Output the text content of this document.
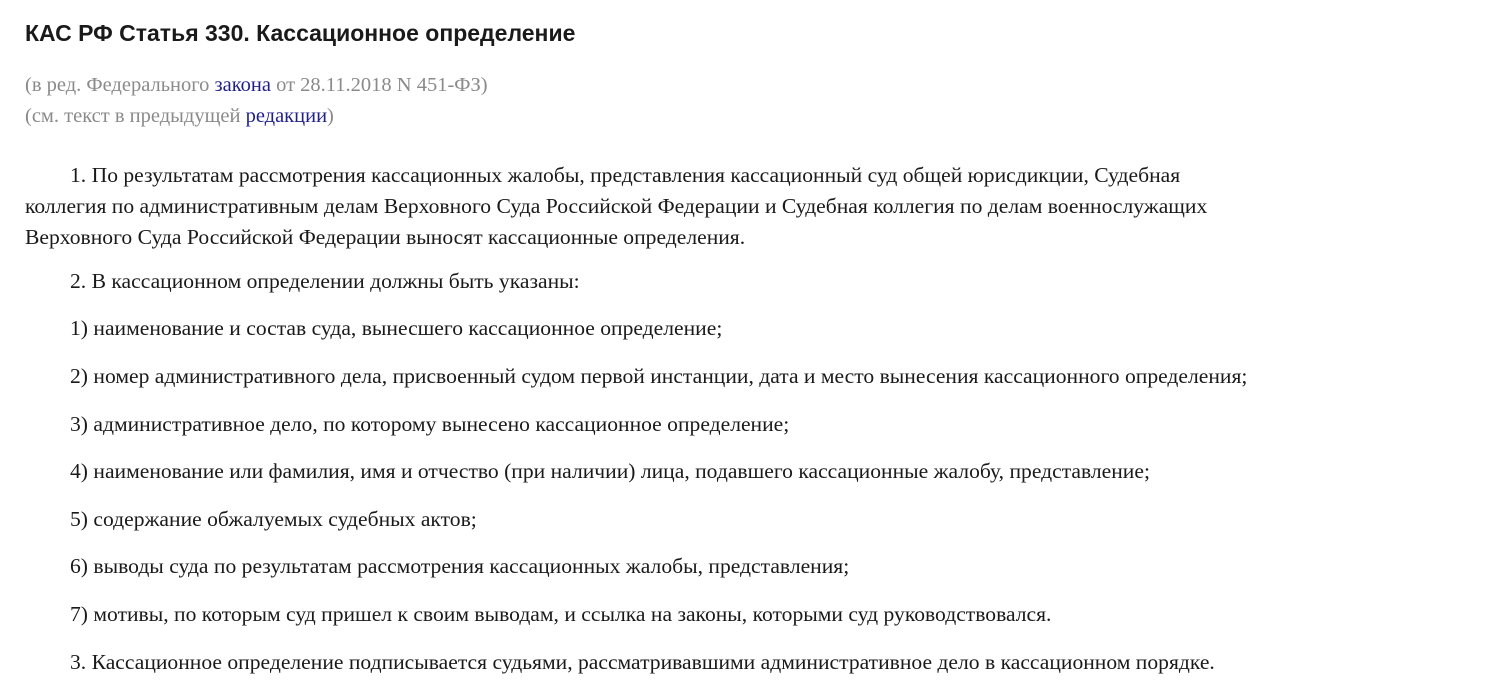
КАС РФ Статья 330. Кассационное определение

(в ред. Федерального закона от 28.11.2018 N 451-ФЗ)

(см. текст в предыдущей редакции)

1. По результатам рассмотрения кассационных жалобы, представления кассационный суд общей юрисдикции, Судебная
коллегия по административным делам Верховного Суда Российской Федерации и Судебная коллегия по делам военнослужащих
Верховного Суда Российской Федерации выносят кассационные определения.

2. В кассационном определении должны быть указаны:

1) наименование и состав суда, вынесшего кассационное определение;

2) номер административного дела, присвоенный судом первой инстанции, дата и место вынесения кассационного определения;

3) административное дело, по которому вынесено кассационное определение;

4) наименование или фамилия, имя и отчество (при наличии) лица, подавшего кассационные жалобу, представление;

5) содержание обжалуемых судебных актов;

6) выводы суда по результатам рассмотрения кассационных жалобы, представления;

7) мотивы, по которым суд пришел к своим выводам, и ссылка на законы, которыми суд руководствовался.

3. Кассационное определение подписывается судьями, рассматривавшими административное дело в кассационном порядке.
